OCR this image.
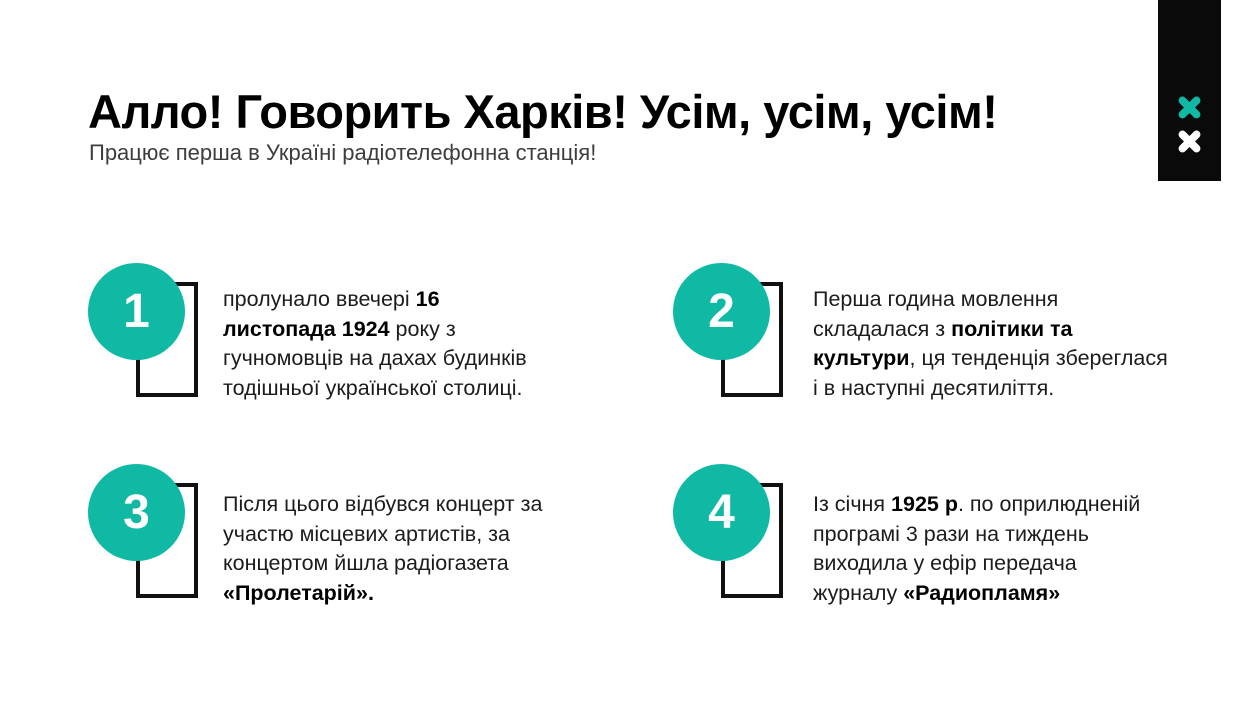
Алло! Говорить Харків! Усім, усім, усім!

Працює перша в Україні радіотелефонна станція!

1	пролунало ввечері 16
листопада 1924 року з
гучномовців на дахах будинків
тодішньої української столиці.
2	Перша година мовлення
складалася з політики та
культури, ця тенденція збереглася
і в наступні десятиліття.
3	Після цього відбувся концерт за
участю місцевих артистів, за
концертом йшла радіогазета
«Пролетарій».
4	Із січня 1925 р. по оприлюдненій
програмі 3 рази на тиждень
виходила у ефір передача
журналу «Радиопламя»
